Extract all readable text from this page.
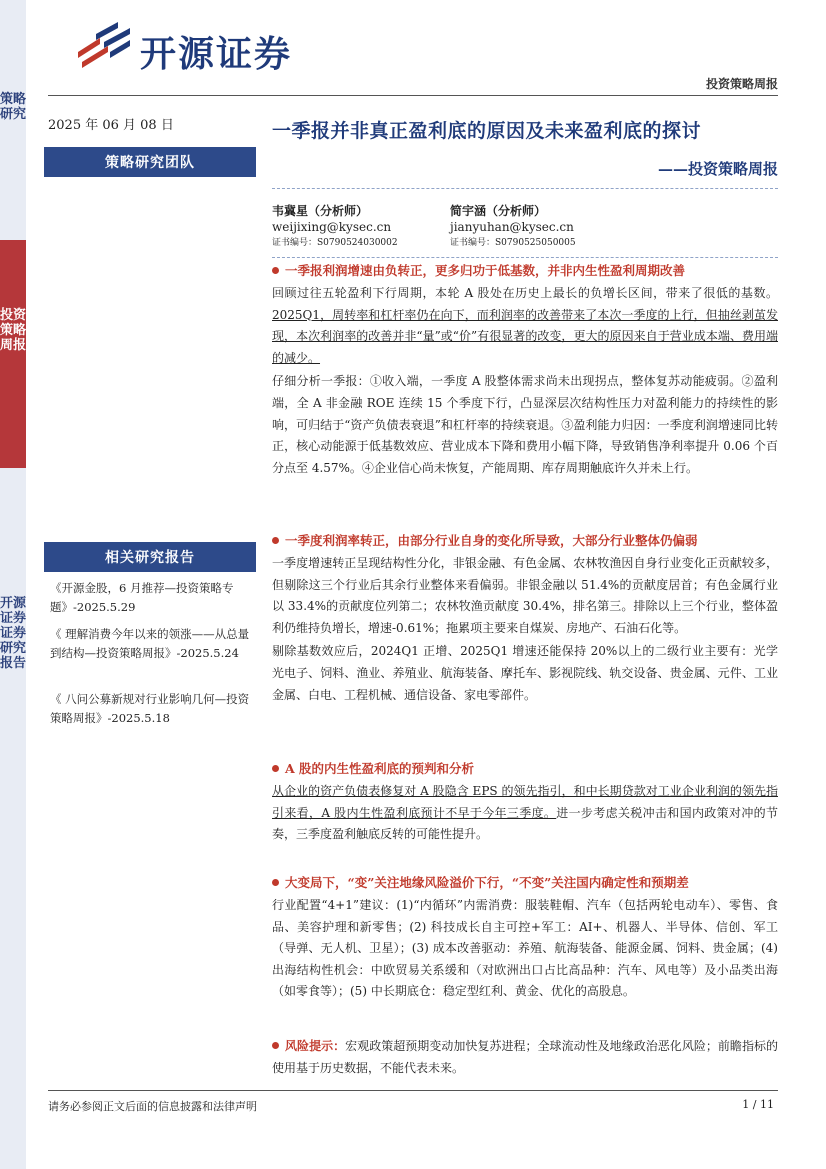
策略研究
投资策略周报
开源证券 证券研究报告
开源证券
投资策略周报
2025 年 06 月 08 日	一季报并非真正盈利底的原因及未来盈利底的探讨
——投资策略周报
策略研究团队
韦冀星（分析师）
weijixing@kysec.cn
证书编号：S0790524030002
简宇涵（分析师）
jianyuhan@kysec.cn
证书编号：S0790525050005
一季报利润增速由负转正，更多归功于低基数，并非内生性盈利周期改善

回顾过往五轮盈利下行周期，本轮 A 股处在历史上最长的负增长区间，带来了很低的基数。2025Q1，周转率和杠杆率仍在向下，而利润率的改善带来了本次一季度的上行，但抽丝剥茧发现，本次利润率的改善并非“量”或“价”有很显著的改变，更大的原因来自于营业成本端、费用端的减少。

仔细分析一季报：①收入端，一季度 A 股整体需求尚未出现拐点，整体复苏动能疲弱。②盈利端，全 A 非金融 ROE 连续 15 个季度下行，凸显深层次结构性压力对盈利能力的持续性的影响，可归结于“资产负债表衰退”和杠杆率的持续衰退。③盈利能力归因：一季度利润增速同比转正，核心动能源于低基数效应、营业成本下降和费用小幅下降，导致销售净利率提升 0.06 个百分点至 4.57%。④企业信心尚未恢复，产能周期、库存周期触底许久并未上行。

相关研究报告
《开源金股，6 月推荐—投资策略专题》-2025.5.29
《 理解消费今年以来的领涨——从总量到结构—投资策略周报》-2025.5.24
《 八问公募新规对行业影响几何—投资策略周报》-2025.5.18
一季度利润率转正，由部分行业自身的变化所导致，大部分行业整体仍偏弱

一季度增速转正呈现结构性分化，非银金融、有色金属、农林牧渔因自身行业变化正贡献较多，但剔除这三个行业后其余行业整体来看偏弱。非银金融以 51.4%的贡献度居首；有色金属行业以 33.4%的贡献度位列第二；农林牧渔贡献度 30.4%，排名第三。排除以上三个行业，整体盈利仍维持负增长，增速-0.61%；拖累项主要来自煤炭、房地产、石油石化等。

剔除基数效应后，2024Q1 正增、2025Q1 增速还能保持 20%以上的二级行业主要有：光学光电子、饲料、渔业、养殖业、航海装备、摩托车、影视院线、轨交设备、贵金属、元件、工业金属、白电、工程机械、通信设备、家电零部件。

A 股的内生性盈利底的预判和分析

从企业的资产负债表修复对 A 股隐含 EPS 的领先指引，和中长期贷款对工业企业利润的领先指引来看，A 股内生性盈利底预计不早于今年三季度。进一步考虑关税冲击和国内政策对冲的节奏，三季度盈利触底反转的可能性提升。

大变局下，“变”关注地缘风险溢价下行，“不变”关注国内确定性和预期差

行业配置“4+1”建议：(1)“内循环”内需消费：服装鞋帽、汽车（包括两轮电动车）、零售、食品、美容护理和新零售；(2) 科技成长自主可控+军工：AI+、机器人、半导体、信创、军工（导弹、无人机、卫星）；(3) 成本改善驱动：养殖、航海装备、能源金属、饲料、贵金属；(4) 出海结构性机会：中欧贸易关系缓和（对欧洲出口占比高品种：汽车、风电等）及小品类出海（如零食等）；(5) 中长期底仓：稳定型红利、黄金、优化的高股息。

风险提示：宏观政策超预期变动加快复苏进程；全球流动性及地缘政治恶化风险；前瞻指标的使用基于历史数据，不能代表未来。

请务必参阅正文后面的信息披露和法律声明	1 / 11
